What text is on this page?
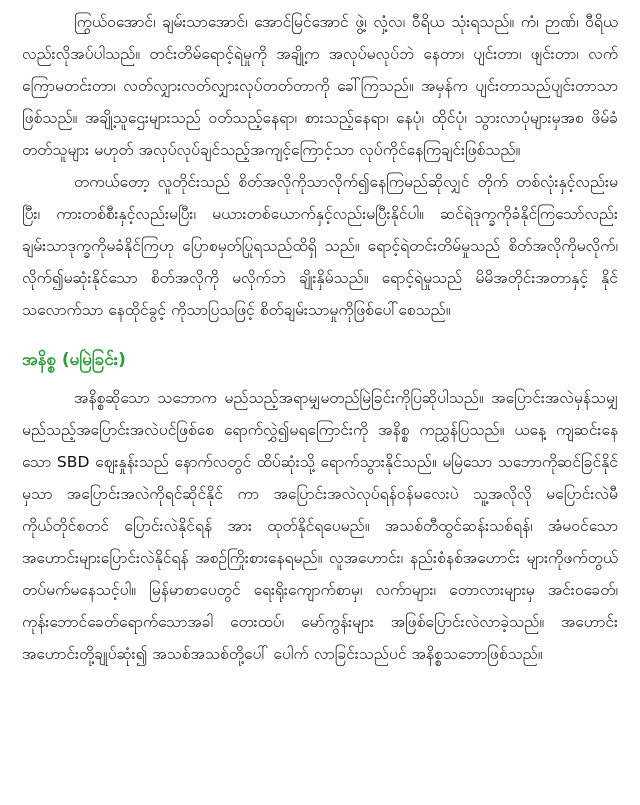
ကြွယ်ဝအောင်၊ ချမ်းသာအောင်၊ အောင်မြင်အောင် ဖွဲ့၊ လှံ့လ၊ ဝီရိယ သုံးရသည်။ ကံ၊ ဉာဏ်၊ ဝီရိယ လည်းလိုအပ်ပါသည်။ တင်းတိမ်ရောင့်ရဲမှုကို အချို့က အလုပ်မလုပ်ဘဲ နေတာ၊ ပျင်းတာ၊ ဖျင်းတာ၊ လက်ကြောမတင်းတာ၊ လတ်လျှားလတ်လျှားလုပ်တတ်တာကို ခေါ်ကြသည်။ အမှန်က ပျင်းတာသည်ပျင်းတာသာဖြစ်သည်။ အချို့သူဌေးများသည် ဝတ်သည့်နေရာ၊ စားသည့်နေရာ၊ နေပုံ၊ ထိုင်ပုံ၊ သွားလာပုံများမှအစ ဖိမ်ခံတတ်သူများ မဟုတ် အလုပ်လုပ်ချင်သည့်အကျင့်ကြောင့်သာ လုပ်ကိုင်နေကြချင်းဖြစ်သည်။

တကယ်တော့ လူတိုင်းသည် စိတ်အလိုကိုသာလိုက်၍နေကြမည်ဆိုလျှင် တိုက် တစ်လုံးနှင့်လည်းမပြီး၊ ကားတစ်စီးနှင့်လည်းမပြီး၊ မယားတစ်ယောက်နှင့်လည်းမပြီးနိုင်ပါ။ ဆင်ရဲဒုက္ခကိုခံနိုင်ကြသော်လည်း ချမ်းသာဒုက္ခကိုမခံနိုင်ကြဟု ပြောစမှတ်ပြုရသည်ထိရှိ သည်။ ရောင့်ရဲတင်းတိမ်မှုသည် စိတ်အလိုကိုမလိုက်၊ လိုက်၍မဆုံးနိုင်သော စိတ်အလိုကို မလိုက်ဘဲ ချိုးနှိမ်သည်။ ရောင့်ရဲမှုသည် မိမိအတိုင်းအတာနှင့် နိုင်သလောက်သာ နေထိုင်ခွင့် ကိုသာပြသဖြင့် စိတ်ချမ်းသာမှုကိုဖြစ်ပေါ်စေသည်။

အနိစ္စ (မမြဲခြင်း)

အနိစ္စဆိုသော သဘောက မည်သည့်အရာမျှမတည်မြဲခြင်းကိုပြဆိုပါသည်။ အပြောင်းအလဲမှန်သမျှ မည်သည့်အပြောင်းအလဲပင်ဖြစ်စေ ရောက်လွှဲ၍မရကြောင်းကို အနိစ္စ ကညွှန်ပြသည်။ ယနေ့ ကျဆင်းနေသော SBD ဈေးနှုန်းသည် နောက်လတွင် ထိပ်ဆုံးသို့ ရောက်သွားနိုင်သည်။ မမြဲသော သဘောကိုဆင်ခြင်နိုင်မှသာ အပြောင်းအလဲကိုရင်ဆိုင်နိုင် ကာ အပြောင်းအလဲလုပ်ရန်ဝန်မလေးပဲ သူ့အလိုလို မပြောင်းလဲမီ ကိုယ်တိုင်စတင် ပြောင်းလဲနိုင်ရန် အား ထုတ်နိုင်ရပေမည်။ အသစ်တီထွင်ဆန်းသစ်ရန်၊ အံမဝင်သော အဟောင်းများပြောင်းလဲနိုင်ရန် အစဉ်ကြိုးစားနေရမည်။ လူအဟောင်း၊ နည်းစံနစ်အဟောင်း များကိုဖက်တွယ် တပ်မက်မနေသင့်ပါ။ မြန်မာစာပေတွင် ရေးရိုးကျောက်စာမှ၊ လက်ာများ၊ တောလားများမှ အင်းဝခေတ်၊ ကုန်းဘောင်ခေတ်ရောက်သောအခါ တေးထပ်၊ မော်ကွန်းများ အဖြစ်ပြောင်းလဲလာခဲ့သည်။ အဟောင်း အဟောင်းတို့ချုပ်ဆုံး၍ အသစ်အသစ်တို့ပေါ် ပေါက် လာခြင်းသည်ပင် အနိစ္စသဘောဖြစ်သည်။
